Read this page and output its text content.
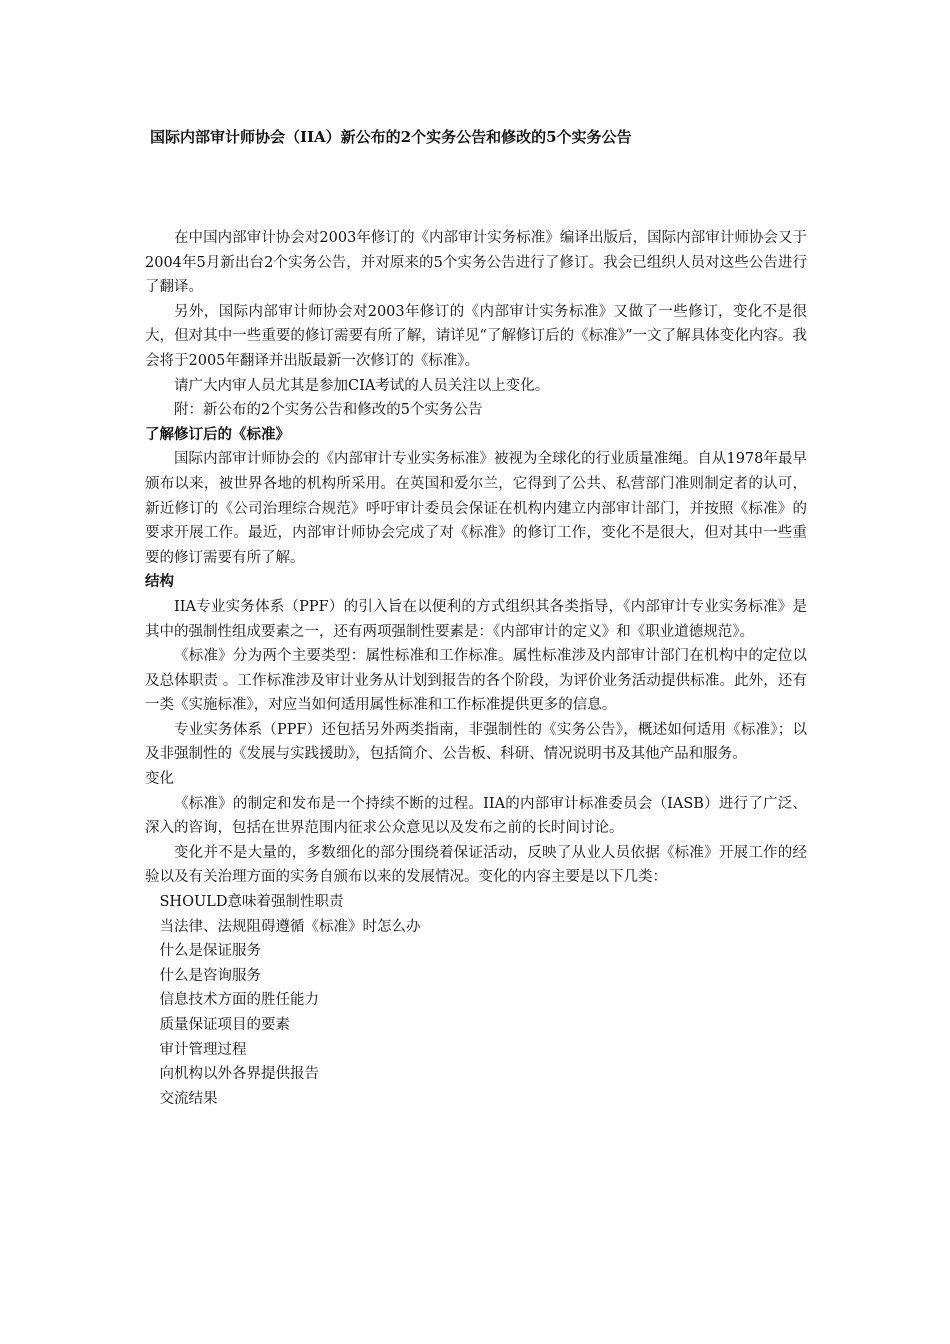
国际内部审计师协会（IIA）新公布的2个实务公告和修改的5个实务公告

在中国内部审计协会对2003年修订的《内部审计实务标准》编译出版后，国际内部审计师协会又于2004年5月新出台2个实务公告，并对原来的5个实务公告进行了修订。我会已组织人员对这些公告进行了翻译。

另外，国际内部审计师协会对2003年修订的《内部审计实务标准》又做了一些修订，变化不是很大，但对其中一些重要的修订需要有所了解，请详见“了解修订后的《标准》”一文了解具体变化内容。我会将于2005年翻译并出版最新一次修订的《标准》。

请广大内审人员尤其是参加CIA考试的人员关注以上变化。

附：新公布的2个实务公告和修改的5个实务公告

了解修订后的《标准》

国际内部审计师协会的《内部审计专业实务标准》被视为全球化的行业质量准绳。自从1978年最早颁布以来，被世界各地的机构所采用。在英国和爱尔兰，它得到了公共、私营部门准则制定者的认可，新近修订的《公司治理综合规范》呼吁审计委员会保证在机构内建立内部审计部门，并按照《标准》的要求开展工作。最近，内部审计师协会完成了对《标准》的修订工作，变化不是很大，但对其中一些重要的修订需要有所了解。

结构

IIA专业实务体系（PPF）的引入旨在以便利的方式组织其各类指导，《内部审计专业实务标准》是其中的强制性组成要素之一，还有两项强制性要素是：《内部审计的定义》和《职业道德规范》。

《标准》分为两个主要类型：属性标准和工作标准。属性标准涉及内部审计部门在机构中的定位以及总体职责 。工作标准涉及审计业务从计划到报告的各个阶段，为评价业务活动提供标准。此外，还有一类《实施标准》，对应当如何适用属性标准和工作标准提供更多的信息。

专业实务体系（PPF）还包括另外两类指南，非强制性的《实务公告》，概述如何适用《标准》；以及非强制性的《发展与实践援助》，包括简介、公告板、科研、情况说明书及其他产品和服务。

变化

《标准》的制定和发布是一个持续不断的过程。IIA的内部审计标准委员会（IASB）进行了广泛、深入的咨询，包括在世界范围内征求公众意见以及发布之前的长时间讨论。

变化并不是大量的，多数细化的部分围绕着保证活动，反映了从业人员依据《标准》开展工作的经验以及有关治理方面的实务自颁布以来的发展情况。变化的内容主要是以下几类：

SHOULD意味着强制性职责
当法律、法规阻碍遵循《标准》时怎么办
什么是保证服务
什么是咨询服务
信息技术方面的胜任能力
质量保证项目的要素
审计管理过程
向机构以外各界提供报告
交流结果
